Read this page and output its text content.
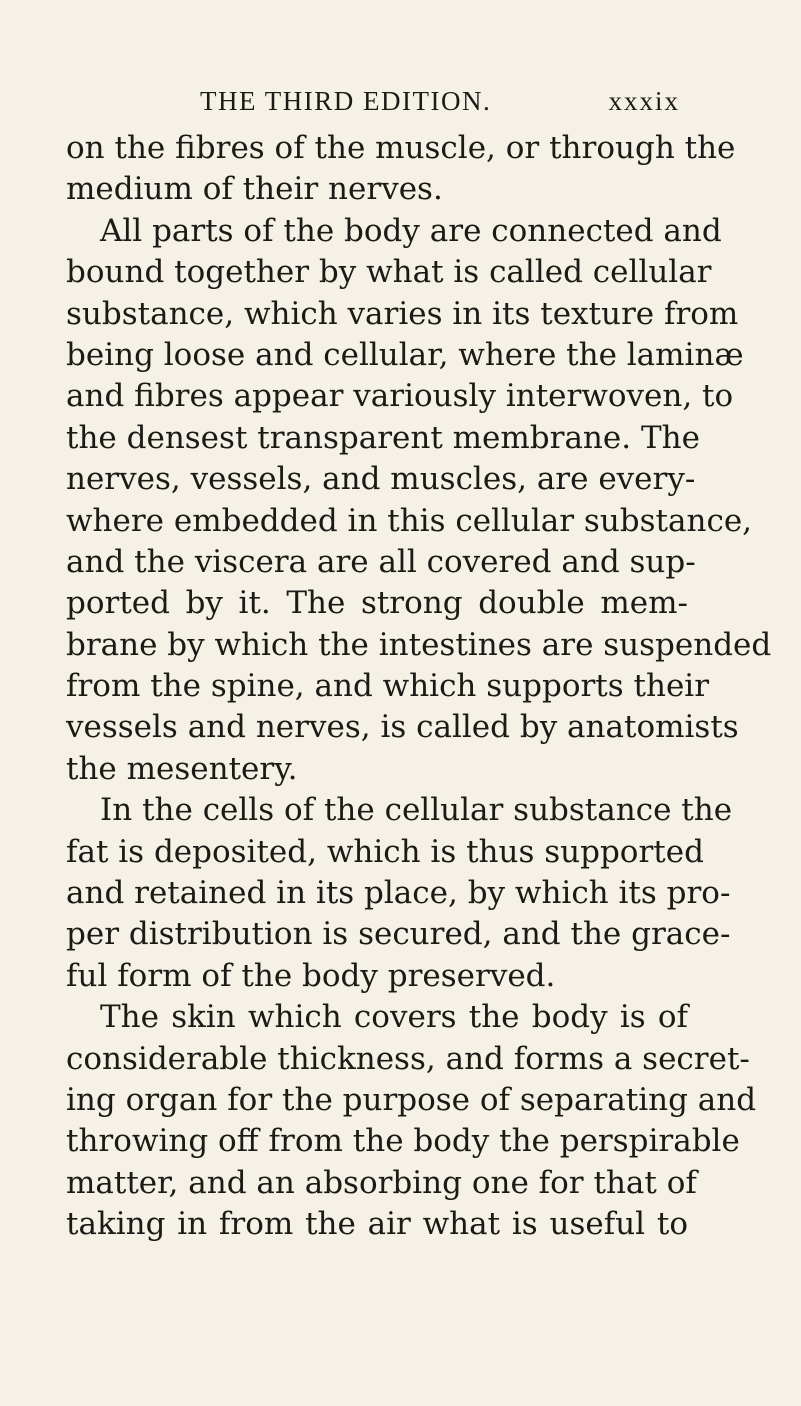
THE THIRD EDITION.	xxxix
on the fibres of the muscle, or through the
medium of their nerves.
All parts of the body are connected and
bound together by what is called cellular
substance, which varies in its texture from
being loose and cellular, where the laminæ
and fibres appear variously interwoven, to
the densest transparent membrane. The
nerves, vessels, and muscles, are every-
where embedded in this cellular substance,
and the viscera are all covered and sup-
ported by it. The strong double mem-
brane by which the intestines are suspended
from the spine, and which supports their
vessels and nerves, is called by anatomists
the mesentery.
In the cells of the cellular substance the
fat is deposited, which is thus supported
and retained in its place, by which its pro-
per distribution is secured, and the grace-
ful form of the body preserved.
The skin which covers the body is of
considerable thickness, and forms a secret-
ing organ for the purpose of separating and
throwing off from the body the perspirable
matter, and an absorbing one for that of
taking in from the air what is useful to
